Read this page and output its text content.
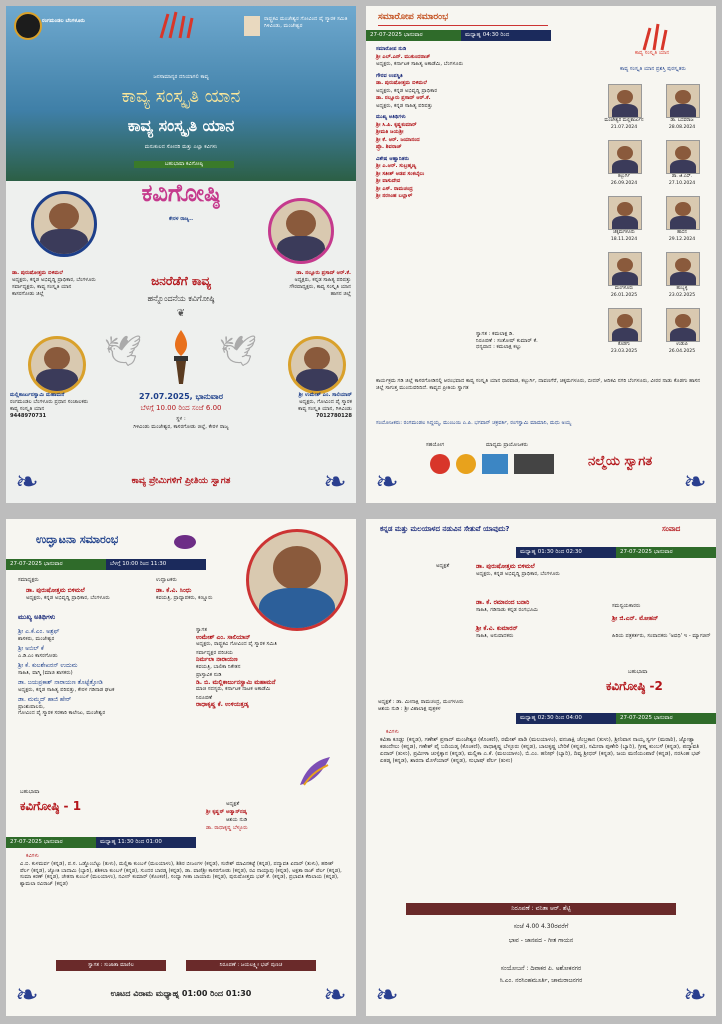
ರಂಗಮಂಡಲ ಬೆಂಗಳೂರು	ರಾಷ್ಟ್ರಕವಿ ಮಂಜೇಶ್ವರ ಗೋವಿಂದ ಪೈ ಸ್ಮಾರಕ ಸಮಿತಿ ಗಿಳಿವಿಂಡು, ಮಂಜೇಶ್ವರ
ಜನಸಾಮಾನ್ಯರ ದನಿಯಾಗಲಿ ಕಾವ್ಯ
ಕಾವ್ಯ ಸಂಸ್ಕೃತಿ ಯಾನ
ಕಾವ್ಯ ಸಂಸ್ಕೃತಿ ಯಾನ
ಮನುಕುಲದ ಸೋದರಿ ಮತ್ತು ಎಲ್ಲಾ ಕವಿಗಳು
ಬಹುಭಾಷಾ ಕವಿಗೋಷ್ಠಿ
ಕವಿಗೋಷ್ಠಿ
ಕೇರಳ ರಾಜ್ಯ..
ಡಾ. ಪುರುಷೋತ್ತಮ ಬಿಳಿಮಲೆ
ಅಧ್ಯಕ್ಷರು, ಕನ್ನಡ ಅಭಿವೃದ್ಧಿ ಪ್ರಾಧಿಕಾರ, ಬೆಂಗಳೂರು
ಸರ್ವಾಧ್ಯಕ್ಷರು, ಕಾವ್ಯ ಸಂಸ್ಕೃತಿ ಯಾನ
ಕಾಸರಗೋಡು ಜಿಲ್ಲೆ
ಡಾ. ನಲ್ಲೂರು ಪ್ರಸಾದ್ ಆರ್.ಕೆ.
ಅಧ್ಯಕ್ಷರು, ಕನ್ನಡ ಸಾಹಿತ್ಯ ಪರಿಷತ್ತು
ಗೌರವಾಧ್ಯಕ್ಷರು, ಕಾವ್ಯ ಸಂಸ್ಕೃತಿ ಯಾನ
ಹಾಸನ ಜಿಲ್ಲೆ
ಜನರೆಡೆಗೆ ಕಾವ್ಯ
ಹನ್ನೊಂದನೆಯ ಕವಿಗೋಷ್ಠಿ
❦
🕊	🕊
ಮಲ್ಲಿಕಾರ್ಜುನಸ್ವಾಮಿ ಮಹಾಮನೆ
ರಂಗಮಂಡಲ ಬೆಂಗಳೂರು ಪ್ರಧಾನ ಸಂಚಾಲಕರು
ಕಾವ್ಯ ಸಂಸ್ಕೃತಿ ಯಾನ
9448970731
ಶ್ರೀ ಉಮೇಶ್ ಎಂ. ಸಾಲಿಯಾನ್
ಅಧ್ಯಕ್ಷರು, ಗೋವಿಂದ ಪೈ ಸ್ಮಾರಕ
ಕಾವ್ಯ ಸಂಸ್ಕೃತಿ ಯಾನ, ಗಿಳಿವಿಂಡು
7012780128
27.07.2025, ಭಾನುವಾರ
ಬೆಳಗ್ಗೆ 10.00 ರಿಂದ ಸಂಜೆ 6.00
ಸ್ಥಳ :
ಗಿಳಿವಿಂಡು ಮಂಜೇಶ್ವರ, ಕಾಸರಗೋಡು ಜಿಲ್ಲೆ, ಕೇರಳ ರಾಜ್ಯ
❧	❧
ಕಾವ್ಯ ಪ್ರೇಮಿಗಳಿಗೆ ಪ್ರೀತಿಯ ಸ್ವಾಗತ
ಸಮಾರೋಪ ಸಮಾರಂಭ
27-07-2025 ಭಾನುವಾರ	ಮಧ್ಯಾಹ್ನ 04:30 ರಿಂದ
ಕಾವ್ಯ ಸಂಸ್ಕೃತಿ ಯಾನ
ಸಮಾರೋಪ ನುಡಿ
ಶ್ರೀ ಎಲ್.ಎನ್. ಮುಕುಂದರಾಜ್
ಅಧ್ಯಕ್ಷರು, ಕರ್ನಾಟಕ ಸಾಹಿತ್ಯ ಅಕಾಡೆಮಿ, ಬೆಂಗಳೂರು
ಗೌರವ ಉಪಸ್ಥಿತಿ
ಡಾ. ಪುರುಷೋತ್ತಮ ಬಿಳಿಮಲೆ
ಅಧ್ಯಕ್ಷರು, ಕನ್ನಡ ಅಭಿವೃದ್ಧಿ ಪ್ರಾಧಿಕಾರ
ಡಾ. ನಲ್ಲೂರು ಪ್ರಸಾದ್ ಆರ್.ಕೆ.
ಅಧ್ಯಕ್ಷರು, ಕನ್ನಡ ಸಾಹಿತ್ಯ ಪರಿಷತ್ತು
ಮುಖ್ಯ ಅತಿಥಿಗಳು
ಶ್ರೀ ಸಿ.ಪಿ. ಕೃಷ್ಣಕುಮಾರ್
ಶ್ರೀಮತಿ ಜಯಶ್ರೀ
ಶ್ರೀ ಕೆ. ಆರ್. ಜಯಾನಂದ
ಪ್ರೊ. ಶಿವರಾಜ್
ವಿಶೇಷ ಆಹ್ವಾನಿತರು
ಶ್ರೀ ಎ.ಆರ್. ಸುಬ್ರಹ್ಮಣ್ಯ
ಶ್ರೀ ಸತೀಶ್ ಅಡಪ ಸಂಕಬೈಲು
ಶ್ರೀ ವಾಸುದೇವ
ಶ್ರೀ ಎಸ್. ರಾಮಚಂದ್ರ
ಶ್ರೀ ನರಸಿಂಹ ಬಲ್ಲಾಳ್
ಸ್ವಾಗತ : ಕಮಲಾಕ್ಷ ಡಿ.
ನಿರೂಪಣೆ : ಸಂತೋಷ್ ಕುಮಾರ್ ಕೆ.
ಧನ್ಯವಾದ : ಕಮಲಾಕ್ಷ ಕಲ್ಲು
ಕಾವ್ಯ ಸಂಸ್ಕೃತಿ ಯಾನ ಪ್ರಶಸ್ತಿ ಪುರಸ್ಕೃತರು
ಮಂಜೇಶ್ವರ ಮಲ್ಲಿಕಾರ್ಜುನ
21.07.2024
ಡಾ. ಬಸವರಾಜ
28.08.2024
ಕಲ್ಬುರ್ಗಿ
26.09.2024
ಡಾ. ಜಿ.ಎಸ್.
27.10.2024
ಚಿಕ್ಕಮಗಳೂರು
18.11.2024
ಹಾಸನ
29.12.2024
ಮಂಗಳೂರು
26.01.2025
ಹುಬ್ಬಳ್ಳಿ
23.02.2025
ಕೊಡಗು
23.03.2025
ಉಡುಪಿ
26.04.2025
ಕಾರ್ಯಕ್ರಮ ಗಡಿ ಜಿಲ್ಲೆ ಕಾಸರಗೋಡಿನಲ್ಲಿ ಆರಂಭವಾದ ಕಾವ್ಯ ಸಂಸ್ಕೃತಿ ಯಾನ ಧಾರವಾಡ, ಕಲ್ಬುರ್ಗಿ, ದಾವಣಗೆರೆ, ಚಿಕ್ಕಮಗಳೂರು, ಬೀದರ್, ಆದಿಕವಿ ನಗರಿ ಬೆಂಗಳೂರು, ವೀರರ ನಾಡು ಕೊಡಗು ಹಾಸನ ಜಿಲ್ಲೆ ಸಾಗುತ್ತ ಮುಂದುವರಿದಿದೆ. ಕಾವ್ಯದ ಪ್ರೀತಿಯ ಸ್ವಾಗತ
ಸಂಯೋಜಕರು: ರಂಗಮಂಡಲ ಸಿದ್ದಯ್ಯ, ಮುಂಬಯಿ ಎ.ಪಿ. ಭಗವಾನ್ ಚಕ್ರವರ್ತಿ, ರಂಗಸ್ವಾಮಿ ಮಾಮಾನಿ, ಮಧು ಅಯ್ಯ
ಸಹಯೋಗ	ಮಾಧ್ಯಮ ಪ್ರಾಯೋಜಕರು
ನಲ್ಮೆಯ ಸ್ವಾಗತ
❧	❧
ಉದ್ಘಾಟನಾ ಸಮಾರಂಭ
27-07-2025 ಭಾನುವಾರ	ಬೆಳಗ್ಗೆ 10:00 ರಿಂದ 11:30
ಸಮಾಧ್ಯಕ್ಷರು
ಡಾ. ಪುರುಷೋತ್ತಮ ಬಿಳಿಮಲೆ
ಅಧ್ಯಕ್ಷರು, ಕನ್ನಡ ಅಭಿವೃದ್ಧಿ ಪ್ರಾಧಿಕಾರ, ಬೆಂಗಳೂರು
ಉದ್ಘಾಟಕರು
ಡಾ. ಕೆ.ವಿ. ಸಿಂಧು
ಕವಯತ್ರಿ, ಪ್ರಾಧ್ಯಾಪಕರು, ಕಣ್ಣೂರು
ಮುಖ್ಯ ಅತಿಥಿಗಳು
ಶ್ರೀ ಎ.ಕೆ.ಎಂ. ಅಶ್ರಫ್
ಶಾಸಕರು, ಮಂಜೇಶ್ವರ
ಶ್ರೀ ಅಬಿಲ್ ಕೆ
ಎ.ಡಿ.ಎಂ ಕಾಸರಗೋಡು
ಶ್ರೀ ಕೆ. ಕುಲಶೇಖರನ್ ಉದುಮ
ಸಾಹಿತಿ, ವಾಗ್ಮಿ (ಮಾಜಿ ಶಾಸಕರು)
ಡಾ. ಜಯಪ್ರಕಾಶ್ ನಾರಾಯಣ ತೊಟ್ಟೆತ್ತೋಡಿ
ಅಧ್ಯಕ್ಷರು, ಕನ್ನಡ ಸಾಹಿತ್ಯ ಪರಿಷತ್ತು, ಕೇರಳ ಗಡಿನಾಡ ಘಟಕ
ಡಾ. ಮಮ್ಮದ್ ಹಾಜಿ ಹೇರ್
ಪ್ರಾಂಶುಪಾಲರು,
ಗೋವಿಂದ ಪೈ ಸ್ಮಾರಕ ಸರಕಾರಿ ಕಾಲೇಜು, ಮಂಜೇಶ್ವರ
ಸ್ವಾಗತ
ಉಮೇಶ್ ಎಂ. ಸಾಲಿಯಾನ್
ಅಧ್ಯಕ್ಷರು, ರಾಷ್ಟ್ರಕವಿ ಗೋವಿಂದ ಪೈ ಸ್ಮಾರಕ ಸಮಿತಿ
ಸರ್ವಾಧ್ಯಕ್ಷರ ಪರಿಚಯ
ನಿರ್ಮಲಾ ನಾರಾಯಣ
ಕವಯತ್ರಿ, ಬಾಲಿಕಾ ನಿಕೇತನ
ಪ್ರಾಸ್ತಾವಿಕ ನುಡಿ
ಡಿ. ಬಿ. ಮಲ್ಲಿಕಾರ್ಜುನಸ್ವಾಮಿ ಮಹಾಮನೆ
ಮಾಜಿ ಸದಸ್ಯರು, ಕರ್ನಾಟಕ ನಾಟಕ ಅಕಾಡೆಮಿ
ನಿರೂಪಣೆ
ರಾಧಾಕೃಷ್ಣ ಕೆ. ಉಳಿಯತ್ತಡ್ಕ
ಬಹುಭಾಷಾ
ಕವಿಗೋಷ್ಠಿ - 1	ಅಧ್ಯಕ್ಷತೆ
ಶ್ರೀ ಕೃಷ್ಣನ್ ಅಡ್ವಾನ್‌ನಡ್ಕ
ಆಶಯ ನುಡಿ
ಡಾ. ರಾಧಾಕೃಷ್ಣ ಬೆಳ್ಳೂರು
27-07-2025 ಭಾನುವಾರ	ಮಧ್ಯಾಹ್ನ 11:30 ರಿಂದ 01:00
ಕವಿಗಳು
ವಿ.ಬಿ. ಕುಳಮರ್ವ (ಕನ್ನಡ), ಪ.ಸ. ಒಡ್ಡೊಂಬೆಟ್ಟು (ತುಳು), ಮಲ್ಲಿಕಾ ಕುಂಬಳೆ (ಮಲಯಾಳಂ), ಶಿಶಿರ ಬೀಜಂಗಳ (ಕನ್ನಡ), ಸುರೇಶ್ ಮಾವಿನಕಟ್ಟೆ (ಕನ್ನಡ), ಪದ್ಮಾವತಿ ಏದಾರ್ (ತುಳು), ಹರೀಶ್ ಪೆರ್ಲ (ಕನ್ನಡ), ಜ್ಯೋತಿ ಬಾದಾಮಿ (ಬ್ಯಾರಿ), ಶಶಿಕಲಾ ಕುಂಬಳೆ (ಕನ್ನಡ), ಸುಂದರ ಬಾರಡ್ಕ (ಕನ್ನಡ), ಡಾ. ವಾಣಿಶ್ರೀ ಕಾಸರಗೋಡು (ಕನ್ನಡ), ರವಿ ನಾಯ್ಕಾಪು (ಕನ್ನಡ), ಅಕ್ಷತಾ ರಾಜ್ ಪೆರ್ಲ (ಕನ್ನಡ), ಸುಮಾ ಕಿರಣ್ (ಕನ್ನಡ), ಚೇತನಾ ಕುಂಬಳೆ (ಮಲಯಾಳಂ), ನವೀನ್ ಕುಮಾರ್ (ಕೊಂಕಣಿ), ಸಂಧ್ಯಾ ಗೀತಾ ಬಾಯಾರು (ಕನ್ನಡ), ಪುರುಷೋತ್ತಮ ಭಟ್ ಕೆ. (ಕನ್ನಡ), ಪ್ರಭಾವತಿ ಕೆದಿಲಾಯ (ಕನ್ನಡ), ಶ್ಯಾಮಲಾ ರವಿರಾಜ್ (ಕನ್ನಡ)
ಸ್ವಾಗತ : ಸುಜಾತಾ ಮಾಣಿಲ	ನಿರೂಪಣೆ : ಜಯಲಕ್ಷ್ಮೀ ಭಟ್ ಪುಣಚ
ಊಟದ ವಿರಾಮ ಮಧ್ಯಾಹ್ನ 01:00 ರಿಂದ 01:30
❧	❧
ಕನ್ನಡ ಮತ್ತು ಮಲಯಾಳದ ನಡುವಿನ ಸೇತುವೆ ಯಾವುದು?	ಸಂವಾದ
ಮಧ್ಯಾಹ್ನ 01:30 ರಿಂದ 02:30	27-07-2025 ಭಾನುವಾರ
ಅಧ್ಯಕ್ಷತೆ	ಡಾ. ಪುರುಷೋತ್ತಮ ಬಿಳಿಮಲೆ
ಅಧ್ಯಕ್ಷರು, ಕನ್ನಡ ಅಭಿವೃದ್ಧಿ ಪ್ರಾಧಿಕಾರ, ಬೆಂಗಳೂರು
ಡಾ. ಕೆ. ರಮಾನಂದ ಬನಾರಿ
ಸಾಹಿತಿ, ಗಡಿನಾಡು ಕನ್ನಡ ರಂಗಭೂಮಿ
ಶ್ರೀ ಕೆ.ವಿ. ಕುಮಾರನ್
ಸಾಹಿತಿ, ಅನುವಾದಕರು
ಸಮನ್ವಯಕಾರರು
ಶ್ರೀ ಜಿ.ಎನ್. ಮೋಹನ್
ಹಿರಿಯ ಪತ್ರಕರ್ತರು, ಸಂಪಾದಕರು 'ಅವಧಿ' ಇ - ಮ್ಯಾಗಜಿನ್
ಬಹುಭಾಷಾ
ಕವಿಗೋಷ್ಠಿ -2
ಅಧ್ಯಕ್ಷತೆ : ಡಾ. ಮೀನಾಕ್ಷಿ ರಾಮಚಂದ್ರ, ಮಂಗಳೂರು
ಆಶಯ ನುಡಿ : ಶ್ರೀ ವಿಶಾಲಾಕ್ಷ ಪುತ್ರಕಳ
ಮಧ್ಯಾಹ್ನ 02:30 ರಿಂದ 04:00	27-07-2025 ಭಾನುವಾರ
ಕವಿಗಳು
ಕವಿತಾ ಕೂಡ್ಲು (ಕನ್ನಡ), ಗಣೇಶ್ ಪ್ರಸಾದ್ ಮಂಜೇಶ್ವರ (ಕೊಂಕಣಿ), ರಮೇಶ್ ಪಾಡಿ (ಮಲಯಾಳಂ), ವನಜಾಕ್ಷಿ ಚೆಂಬ್ರಕಾನ (ತುಳು), ಶ್ರೀನಿವಾಸ ನಾಯ್ಕ ಸ್ವರ್ಗ (ಮರಾಠಿ), ಜ್ಯೋತ್ಸ್ನಾ ಕಡಂದೇಲು (ಕನ್ನಡ), ಗಣೇಶ್ ಪೈ ಬದಿಯಡ್ಕ (ಕೊಂಕಣಿ), ರಾಧಾಕೃಷ್ಣ ಬೆಳ್ಳೂರು (ಕನ್ನಡ), ಬಾಲಕೃಷ್ಣ ಬೇರಿಕೆ (ಕನ್ನಡ), ಸಮೀರಾ ಪುಣೇರಿ (ಬ್ಯಾರಿ), ಗ್ರೀಷ್ಮ ಕುಂಬಳೆ (ಕನ್ನಡ), ಪದ್ಮಾವತಿ ಏದಾರ್ (ತುಳು), ಪ್ರಮೀಳಾ ಚುಳ್ಳಿಕ್ಕಾನ (ಕನ್ನಡ), ಮಲ್ಲಿಕಾ ಎ.ಕೆ. (ಮಲಯಾಳಂ), ಬಿ.ಎಂ. ಹನೀಫ್ (ಬ್ಯಾರಿ), ದಿವ್ಯ ಶ್ರೀಧರ್ (ಕನ್ನಡ), ಜಯ ಮಣಿಯಂಪಾರೆ (ಕನ್ನಡ), ನರಸಿಂಹ ಭಟ್ ಏತಡ್ಕ (ಕನ್ನಡ), ಶಾರದಾ ಮೊಳೆಯಾರ್ (ಕನ್ನಡ), ಸುಭಾಷ್ ಪೆರ್ಲ (ತುಳು)
ನಿರೂಪಣೆ : ವನಿತಾ ಆರ್. ಶೆಟ್ಟಿ
ಸಂಜೆ 4.00 4.30ರವರೆಗೆ
ಭಾವ - ಜಾನಪದ - ಗೀತ ಗಾಯನ
ಸಂಯೋಜನೆ : ದಿವಾಕರ ಪಿ. ಅಶೋಕನಗರ
ಸಿ.ಎಂ. ನರಸಿಂಹಮೂರ್ತಿ, ಚಾಮರಾಜನಗರ
❧	❧
